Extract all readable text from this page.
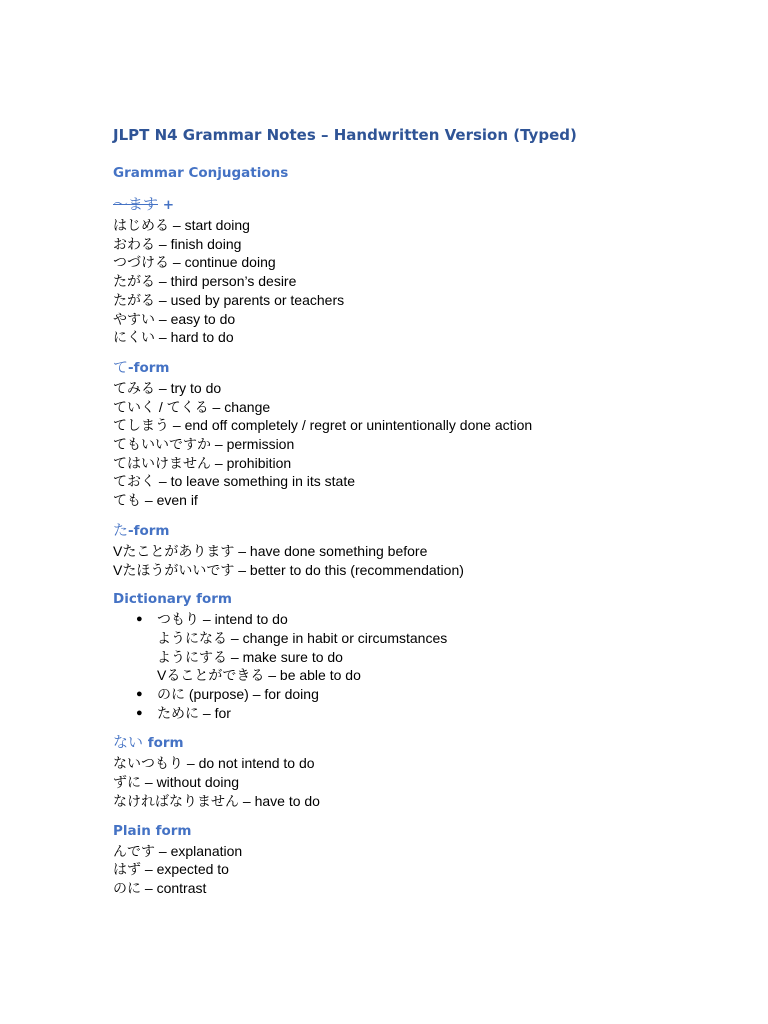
JLPT N4 Grammar Notes – Handwritten Version (Typed)
Grammar Conjugations
〜ます +
はじめる – start doing
おわる – finish doing
つづける – continue doing
たがる – third person’s desire
たがる – used by parents or teachers
やすい – easy to do
にくい – hard to do
て-form
てみる – try to do
ていく / てくる – change
てしまう – end off completely / regret or unintentionally done action
てもいいですか – permission
てはいけません – prohibition
ておく – to leave something in its state
ても – even if
た-form
Vたことがあります – have done something before
Vたほうがいいです – better to do this (recommendation)
Dictionary form
● つもり – intend to do
ようになる – change in habit or circumstances
ようにする – make sure to do
Vることができる – be able to do
● のに (purpose) – for doing
● ために – for
ない form
ないつもり – do not intend to do
ずに – without doing
なければなりません – have to do
Plain form
んです – explanation
はず – expected to
のに – contrast
